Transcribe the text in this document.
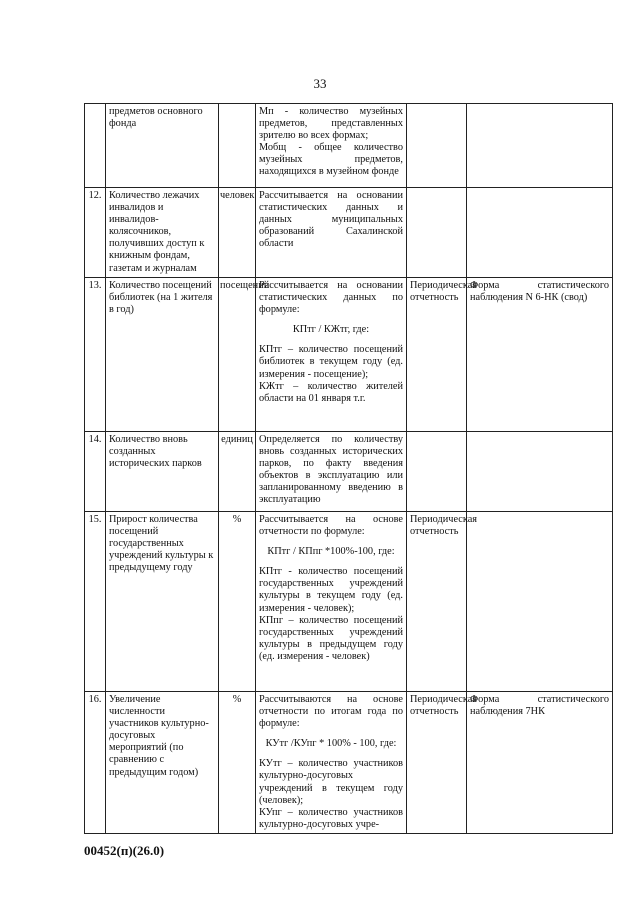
33
	предметов основного фонда		Мп - количество музейных предметов, представленных зрителю во всех формах;
Мобщ - общее количество музейных предметов, находящихся в музейном фонде		

12.	Количество лежачих инвалидов и инвалидов-колясочников, получивших доступ к книжным фондам, газетам и журналам	человек	Рассчитывается на основании статистических данных и данных муниципальных образований Сахалинской области		

13.	Количество посещений библиотек (на 1 жителя в год)	посещений	Рассчитывается на основании статистических данных по формуле:
КПтг / КЖтг, где:
КПтг – количество посещений библиотек в текущем году (ед. измерения - посещение);
КЖтг – количество жителей области на 01 января т.г.	Периодическая отчетность	Форма статистического наблюдения N 6-НК (свод)
14.	Количество вновь созданных исторических парков	единиц	Определяется по количеству вновь созданных исторических парков, по факту введения объектов в эксплуатацию или запланированному введению в эксплуатацию		

15.	Прирост количества посещений государственных учреждений культуры к предыдущему году	%	Рассчитывается на основе отчетности по формуле:
КПтг / КПпг *100%-100, где:
КПтг - количество посещений государственных учреждений культуры в текущем году (ед. измерения - человек);
КПпг – количество посещений государственных учреждений культуры в предыдущем году (ед. измерения - человек)	Периодическая отчетность	
16.	Увеличение численности участников культурно-досуговых мероприятий (по сравнению с предыдущим годом)	%	Рассчитываются на основе отчетности по итогам года по формуле:
КУтг /КУпг * 100% - 100, где:
КУтг – количество участников культурно-досуговых учреждений в текущем году (человек);
КУпг – количество участников культурно-досуговых учре-	Периодическая отчетность	Форма статистического наблюдения 7НК
00452(п)(26.0)
